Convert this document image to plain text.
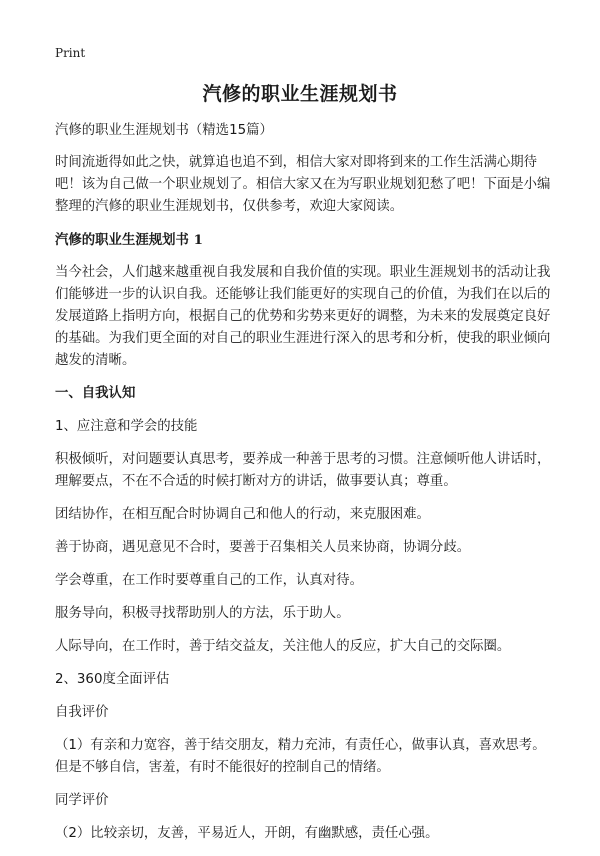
Print
汽修的职业生涯规划书

汽修的职业生涯规划书（精选15篇）

时间流逝得如此之快，就算追也追不到，相信大家对即将到来的工作生活满心期待吧！该为自己做一个职业规划了。相信大家又在为写职业规划犯愁了吧！下面是小编整理的汽修的职业生涯规划书，仅供参考，欢迎大家阅读。

汽修的职业生涯规划书 1

当今社会，人们越来越重视自我发展和自我价值的实现。职业生涯规划书的活动让我们能够进一步的认识自我。还能够让我们能更好的实现自己的价值，为我们在以后的发展道路上指明方向，根据自己的优势和劣势来更好的调整，为未来的发展奠定良好的基础。为我们更全面的对自己的职业生涯进行深入的思考和分析，使我的职业倾向越发的清晰。

一、自我认知

1、应注意和学会的技能

积极倾听，对问题要认真思考，要养成一种善于思考的习惯。注意倾听他人讲话时，理解要点，不在不合适的时候打断对方的讲话，做事要认真；尊重。

团结协作，在相互配合时协调自己和他人的行动，来克服困难。

善于协商，遇见意见不合时，要善于召集相关人员来协商，协调分歧。

学会尊重，在工作时要尊重自己的工作，认真对待。

服务导向，积极寻找帮助别人的方法，乐于助人。

人际导向，在工作时，善于结交益友，关注他人的反应，扩大自己的交际圈。

2、360度全面评估

自我评价

（1）有亲和力宽容，善于结交朋友，精力充沛，有责任心，做事认真，喜欢思考。但是不够自信，害羞，有时不能很好的控制自己的情绪。

同学评价

（2）比较亲切，友善，平易近人，开朗，有幽默感，责任心强。
